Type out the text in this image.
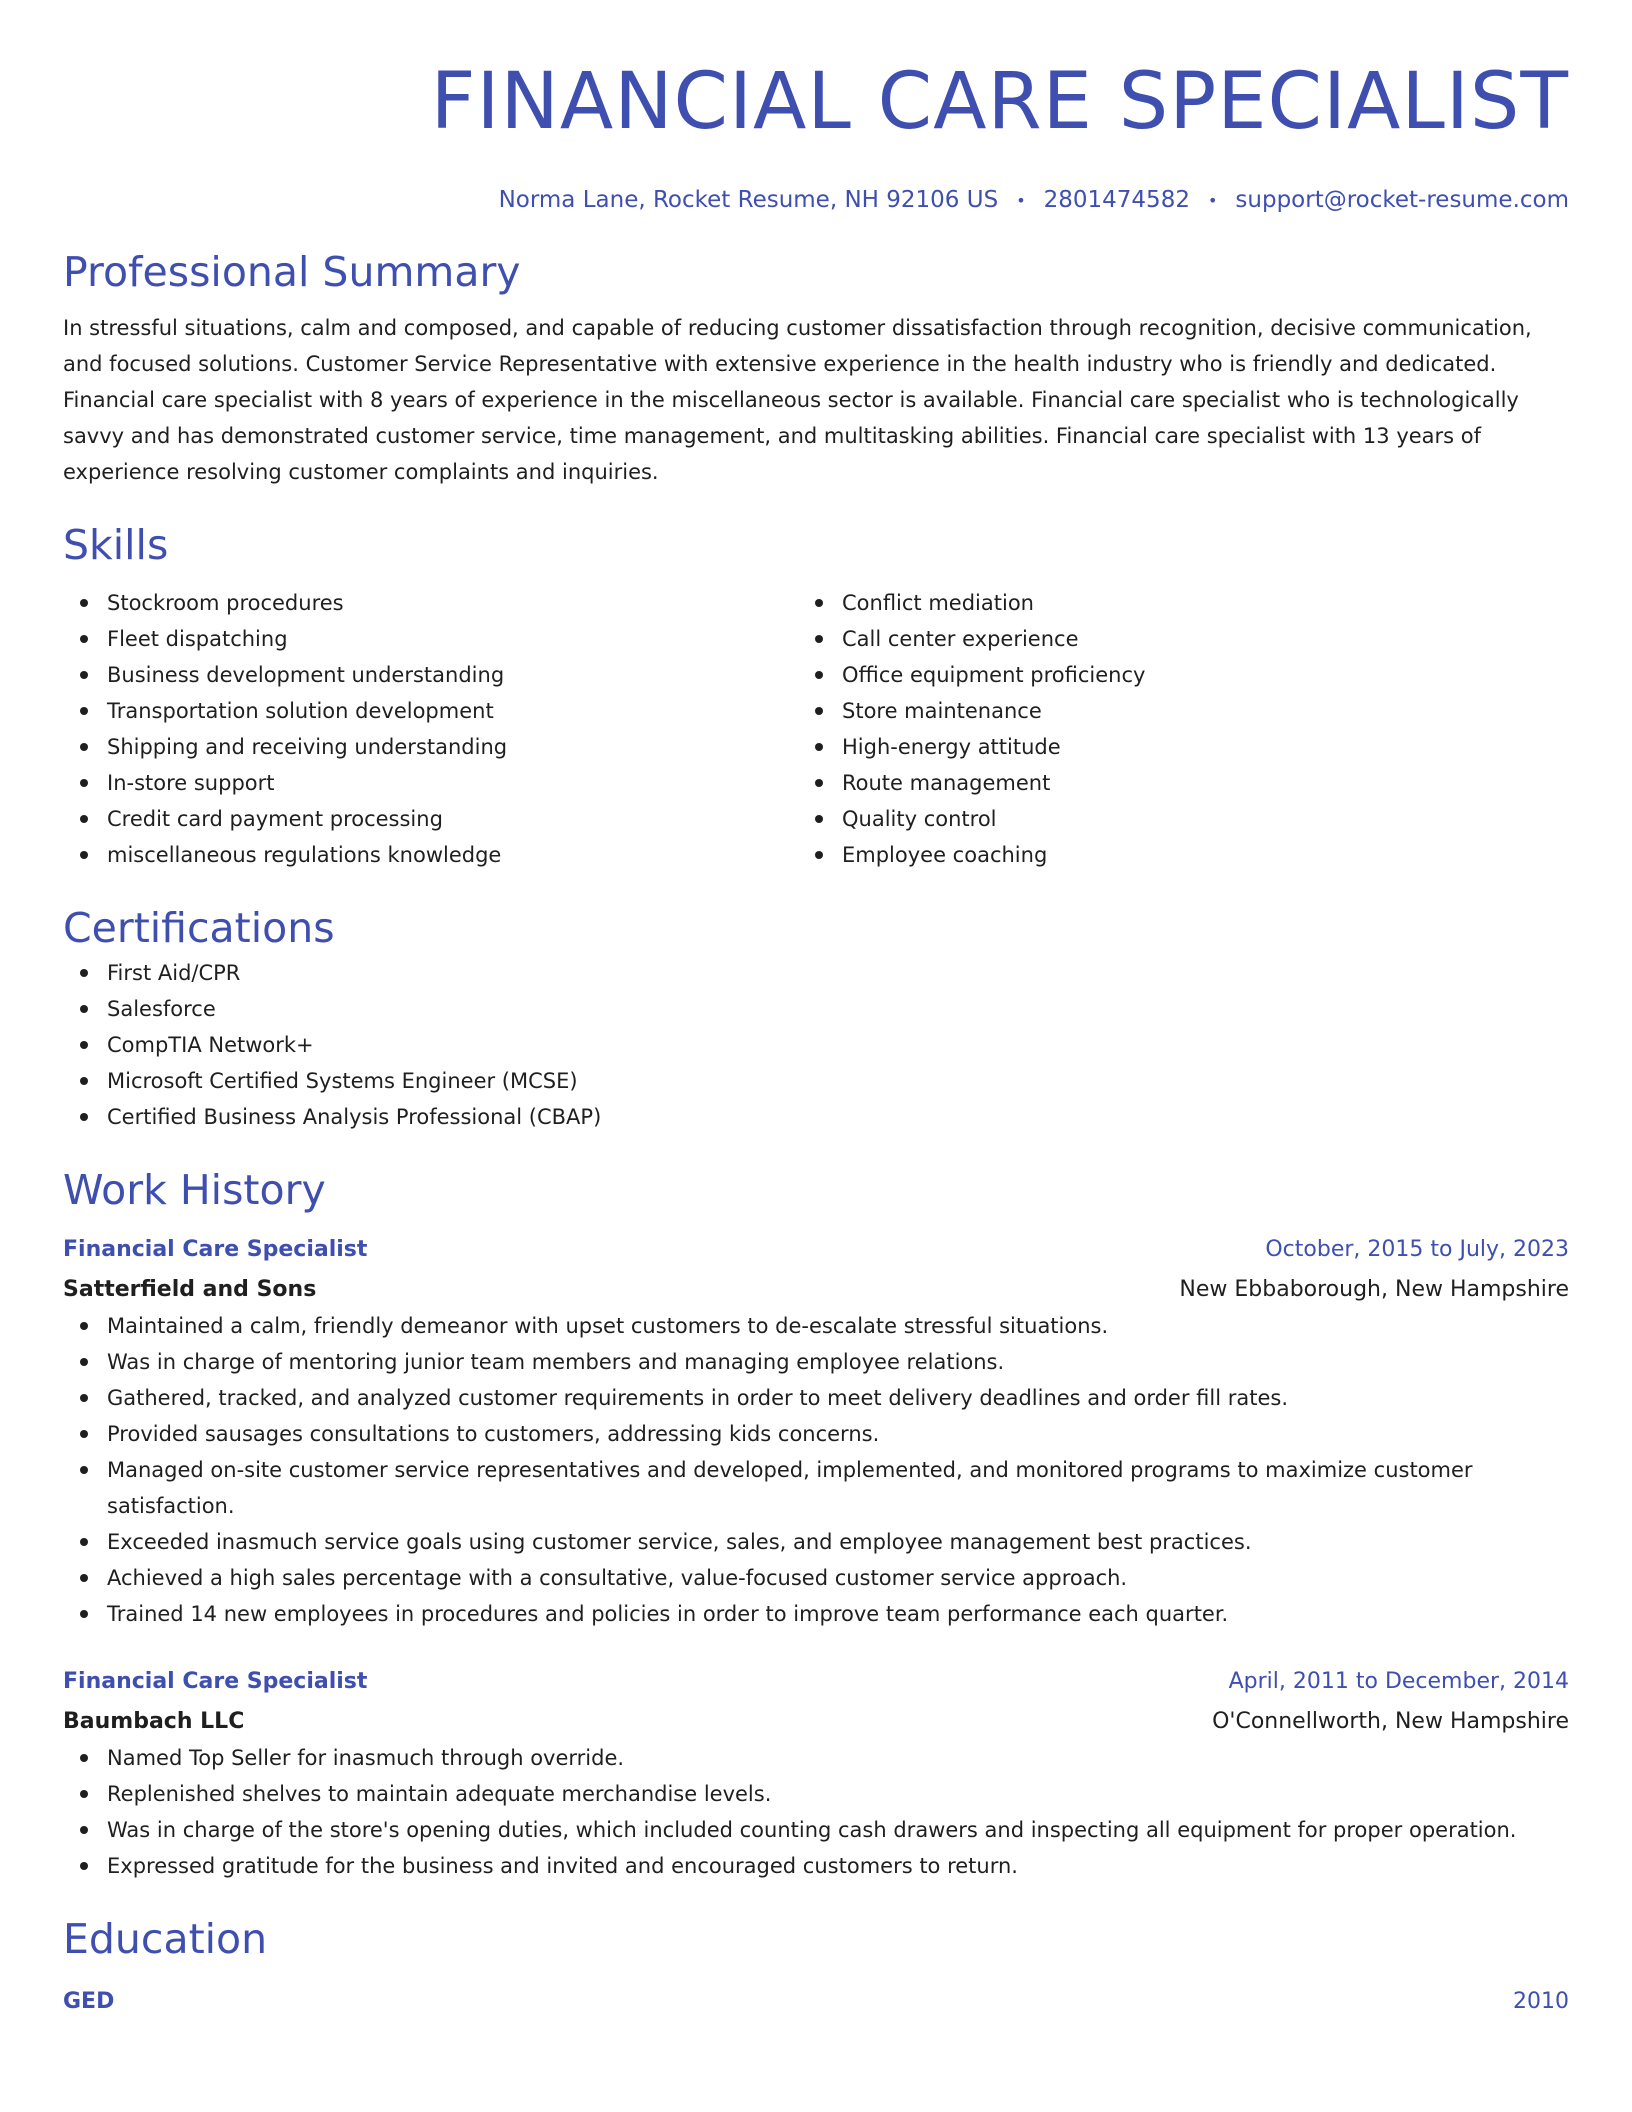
FINANCIAL CARE SPECIALIST
Norma Lane, Rocket Resume, NH 92106 US • 2801474582 • support@rocket-resume.com
Professional Summary
In stressful situations, calm and composed, and capable of reducing customer dissatisfaction through recognition, decisive communication, and focused solutions. Customer Service Representative with extensive experience in the health industry who is friendly and dedicated. Financial care specialist with 8 years of experience in the miscellaneous sector is available. Financial care specialist who is technologically savvy and has demonstrated customer service, time management, and multitasking abilities. Financial care specialist with 13 years of experience resolving customer complaints and inquiries.
Skills
Stockroom procedures
Fleet dispatching
Business development understanding
Transportation solution development
Shipping and receiving understanding
In-store support
Credit card payment processing
miscellaneous regulations knowledge
Conflict mediation
Call center experience
Office equipment proficiency
Store maintenance
High-energy attitude
Route management
Quality control
Employee coaching
Certifications
First Aid/CPR
Salesforce
CompTIA Network+
Microsoft Certified Systems Engineer (MCSE)
Certified Business Analysis Professional (CBAP)
Work History
Financial Care Specialist	October, 2015 to July, 2023
Satterfield and Sons	New Ebbaborough, New Hampshire
Maintained a calm, friendly demeanor with upset customers to de-escalate stressful situations.
Was in charge of mentoring junior team members and managing employee relations.
Gathered, tracked, and analyzed customer requirements in order to meet delivery deadlines and order fill rates.
Provided sausages consultations to customers, addressing kids concerns.
Managed on-site customer service representatives and developed, implemented, and monitored programs to maximize customer satisfaction.
Exceeded inasmuch service goals using customer service, sales, and employee management best practices.
Achieved a high sales percentage with a consultative, value-focused customer service approach.
Trained 14 new employees in procedures and policies in order to improve team performance each quarter.
Financial Care Specialist	April, 2011 to December, 2014
Baumbach LLC	O'Connellworth, New Hampshire
Named Top Seller for inasmuch through override.
Replenished shelves to maintain adequate merchandise levels.
Was in charge of the store's opening duties, which included counting cash drawers and inspecting all equipment for proper operation.
Expressed gratitude for the business and invited and encouraged customers to return.
Education
GED	2010
